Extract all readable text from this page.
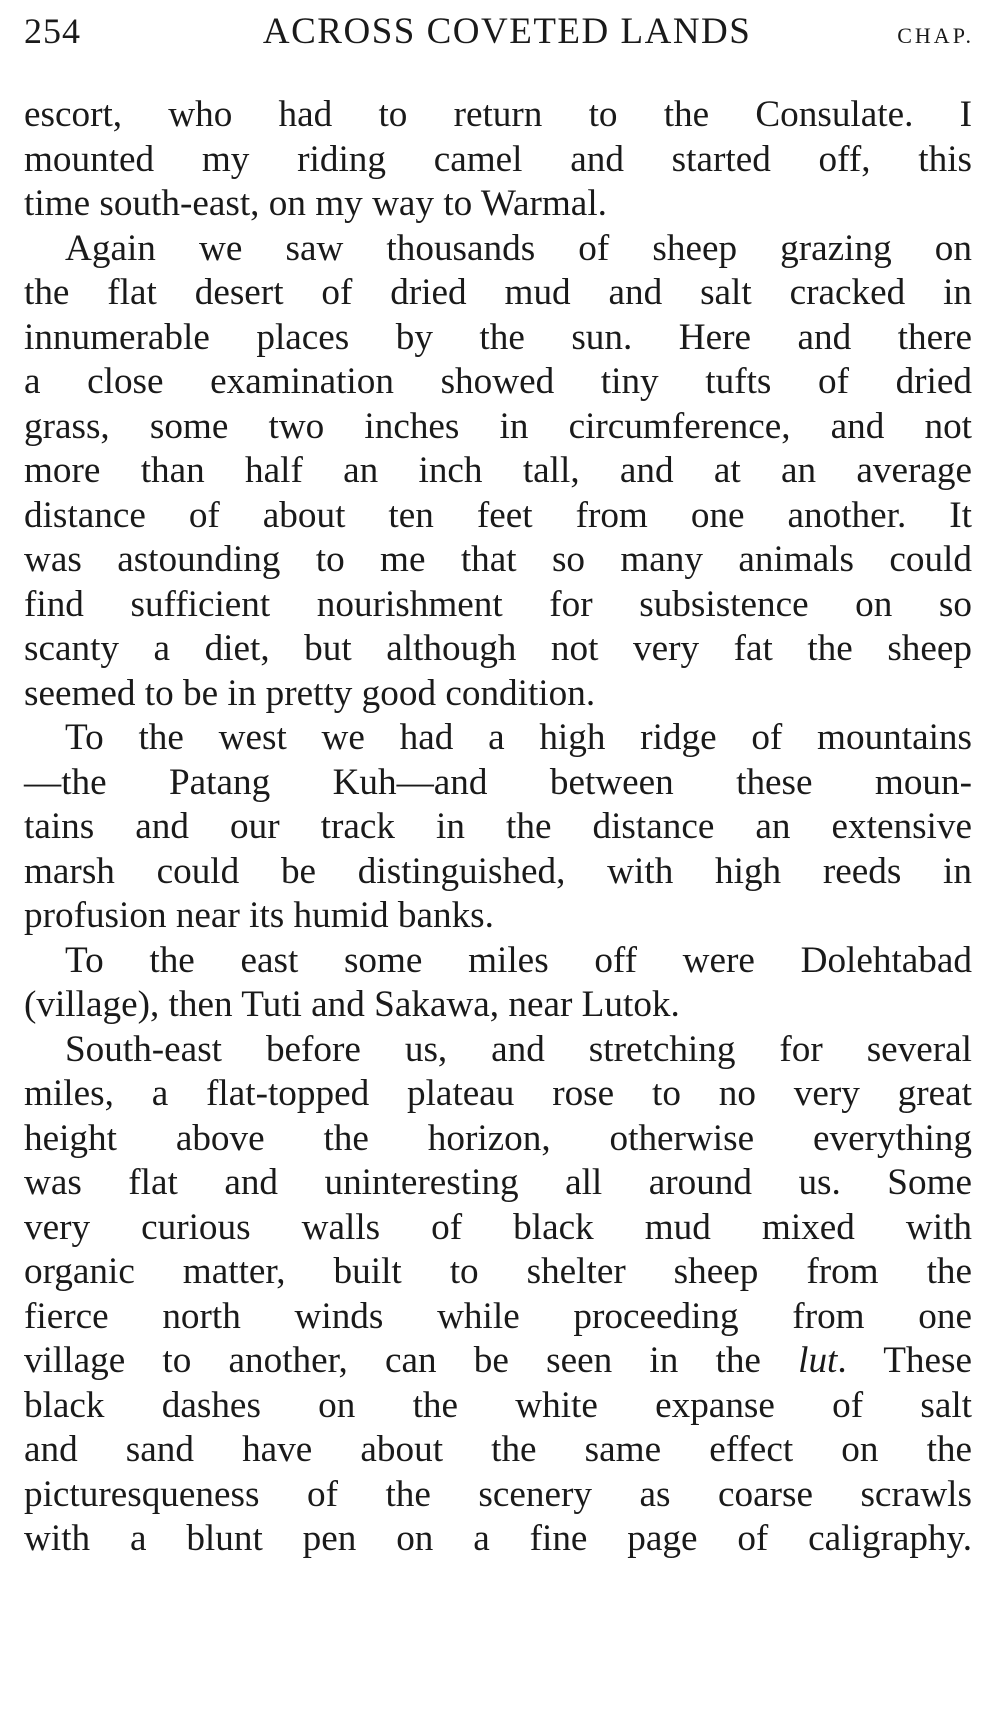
254	ACROSS COVETED LANDS	CHAP.
escort, who had to return to the Consulate. I
mounted my riding camel and started off, this
time south-east, on my way to Warmal.
Again we saw thousands of sheep grazing on
the flat desert of dried mud and salt cracked in
innumerable places by the sun. Here and there
a close examination showed tiny tufts of dried
grass, some two inches in circumference, and not
more than half an inch tall, and at an average
distance of about ten feet from one another. It
was astounding to me that so many animals could
find sufficient nourishment for subsistence on so
scanty a diet, but although not very fat the sheep
seemed to be in pretty good condition.
To the west we had a high ridge of mountains
—the Patang Kuh—and between these moun-
tains and our track in the distance an extensive
marsh could be distinguished, with high reeds in
profusion near its humid banks.
To the east some miles off were Dolehtabad
(village), then Tuti and Sakawa, near Lutok.
South-east before us, and stretching for several
miles, a flat-topped plateau rose to no very great
height above the horizon, otherwise everything
was flat and uninteresting all around us. Some
very curious walls of black mud mixed with
organic matter, built to shelter sheep from the
fierce north winds while proceeding from one
village to another, can be seen in the lut. These
black dashes on the white expanse of salt
and sand have about the same effect on the
picturesqueness of the scenery as coarse scrawls
with a blunt pen on a fine page of caligraphy.
